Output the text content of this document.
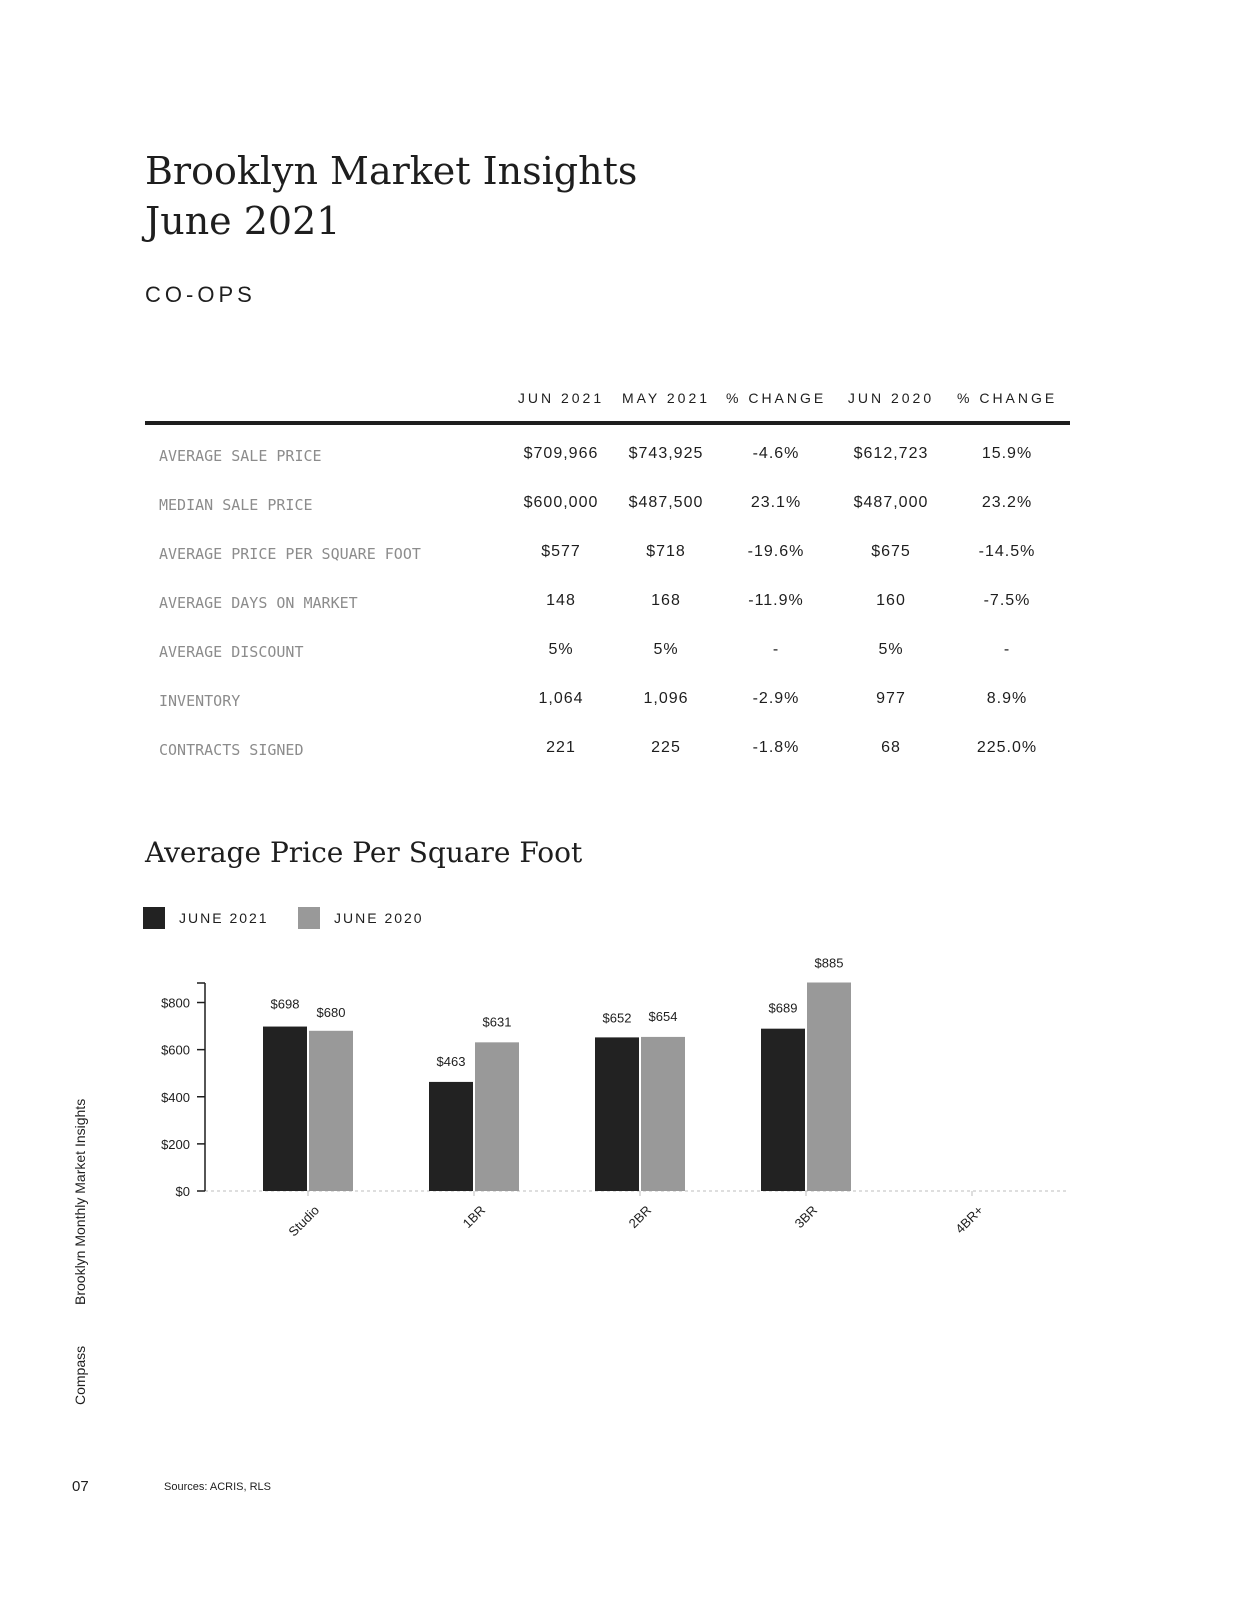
Brooklyn Market Insights
June 2021
CO-OPS
JUN 2021	MAY 2021	% CHANGE	JUN 2020	% CHANGE
AVERAGE SALE PRICE	$709,966	$743,925	-4.6%	$612,723	15.9%
MEDIAN SALE PRICE	$600,000	$487,500	23.1%	$487,000	23.2%
AVERAGE PRICE PER SQUARE FOOT	$577	$718	-19.6%	$675	-14.5%
AVERAGE DAYS ON MARKET	148	168	-11.9%	160	-7.5%
AVERAGE DISCOUNT	5%	5%	-	5%	-
INVENTORY	1,064	1,096	-2.9%	977	8.9%
CONTRACTS SIGNED	221	225	-1.8%	68	225.0%
Average Price Per Square Foot
JUNE 2021	JUNE 2020
$800
$600
$400
$200
$0
$698
$680
Studio
$463
$631
1BR
$652 $654
2BR
$689
$885
3BR	4BR+
Brooklyn Monthly Market Insights
Compass
07	Sources: ACRIS, RLS
